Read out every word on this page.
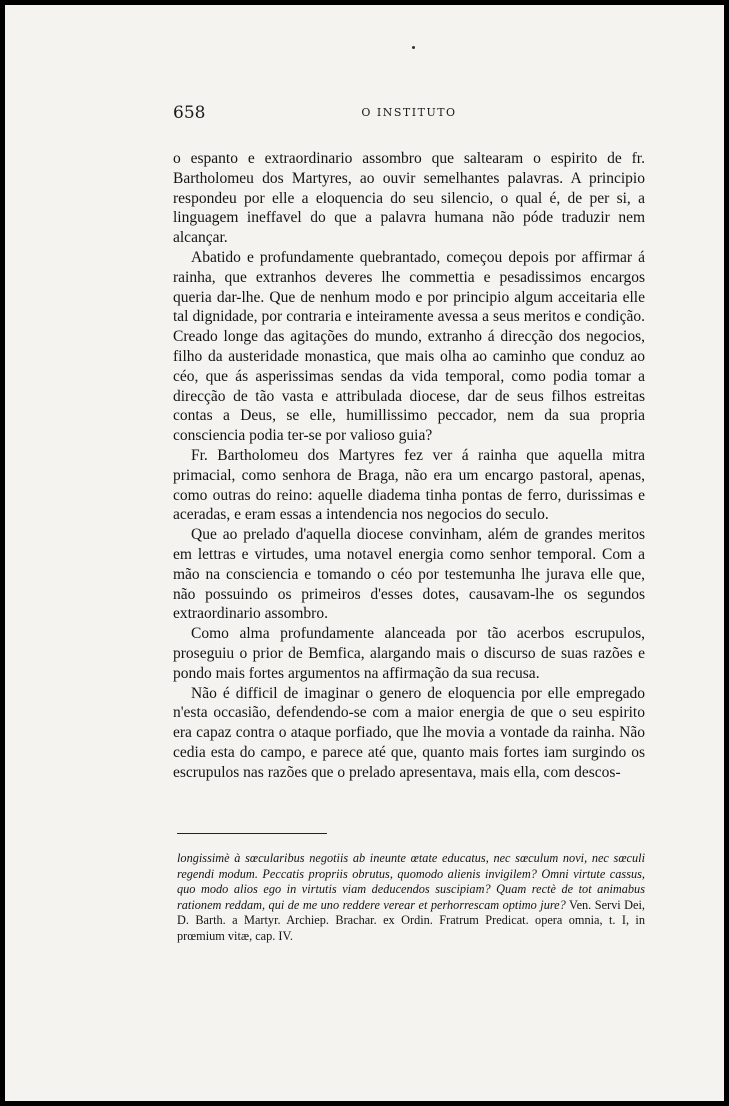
658	O INSTITUTO

o espanto e extraordinario assombro que saltearam o espirito de fr. Bartholomeu dos Martyres, ao ouvir semelhantes palavras. A principio respondeu por elle a eloquencia do seu silencio, o qual é, de per si, a linguagem ineffavel do que a palavra humana não póde traduzir nem alcançar.

Abatido e profundamente quebrantado, começou depois por affirmar á rainha, que extranhos deveres lhe commettia e pesadissimos encargos queria dar-lhe. Que de nenhum modo e por principio algum acceitaria elle tal dignidade, por contraria e inteiramente avessa a seus meritos e condição. Creado longe das agitações do mundo, extranho á direcção dos negocios, filho da austeridade monastica, que mais olha ao caminho que conduz ao céo, que ás asperissimas sendas da vida temporal, como podia tomar a direcção de tão vasta e attribulada diocese, dar de seus filhos estreitas contas a Deus, se elle, humillissimo peccador, nem da sua propria consciencia podia ter-se por valioso guia?

Fr. Bartholomeu dos Martyres fez ver á rainha que aquella mitra primacial, como senhora de Braga, não era um encargo pastoral, apenas, como outras do reino: aquelle diadema tinha pontas de ferro, durissimas e aceradas, e eram essas a intendencia nos negocios do seculo.

Que ao prelado d'aquella diocese convinham, além de grandes meritos em lettras e virtudes, uma notavel energia como senhor temporal. Com a mão na consciencia e tomando o céo por testemunha lhe jurava elle que, não possuindo os primeiros d'esses dotes, causavam-lhe os segundos extraordinario assombro.

Como alma profundamente alanceada por tão acerbos escrupulos, proseguiu o prior de Bemfica, alargando mais o discurso de suas razões e pondo mais fortes argumentos na affirmação da sua recusa.

Não é difficil de imaginar o genero de eloquencia por elle empregado n'esta occasião, defendendo-se com a maior energia de que o seu espirito era capaz contra o ataque porfiado, que lhe movia a vontade da rainha. Não cedia esta do campo, e parece até que, quanto mais fortes iam surgindo os escrupulos nas razões que o prelado apresentava, mais ella, com descos-

longissimè à sœcularibus negotiis ab ineunte œtate educatus, nec sœculum novi, nec sœculi regendi modum. Peccatis propriis obrutus, quomodo alienis invigilem? Omni virtute cassus, quo modo alios ego in virtutis viam deducendos suscipiam? Quam rectè de tot animabus rationem reddam, qui de me uno reddere verear et perhorrescam optimo jure? Ven. Servi Dei, D. Barth. a Martyr. Archiep. Brachar. ex Ordin. Fratrum Predicat. opera omnia, t. I, in prœmium vitæ, cap. IV.
